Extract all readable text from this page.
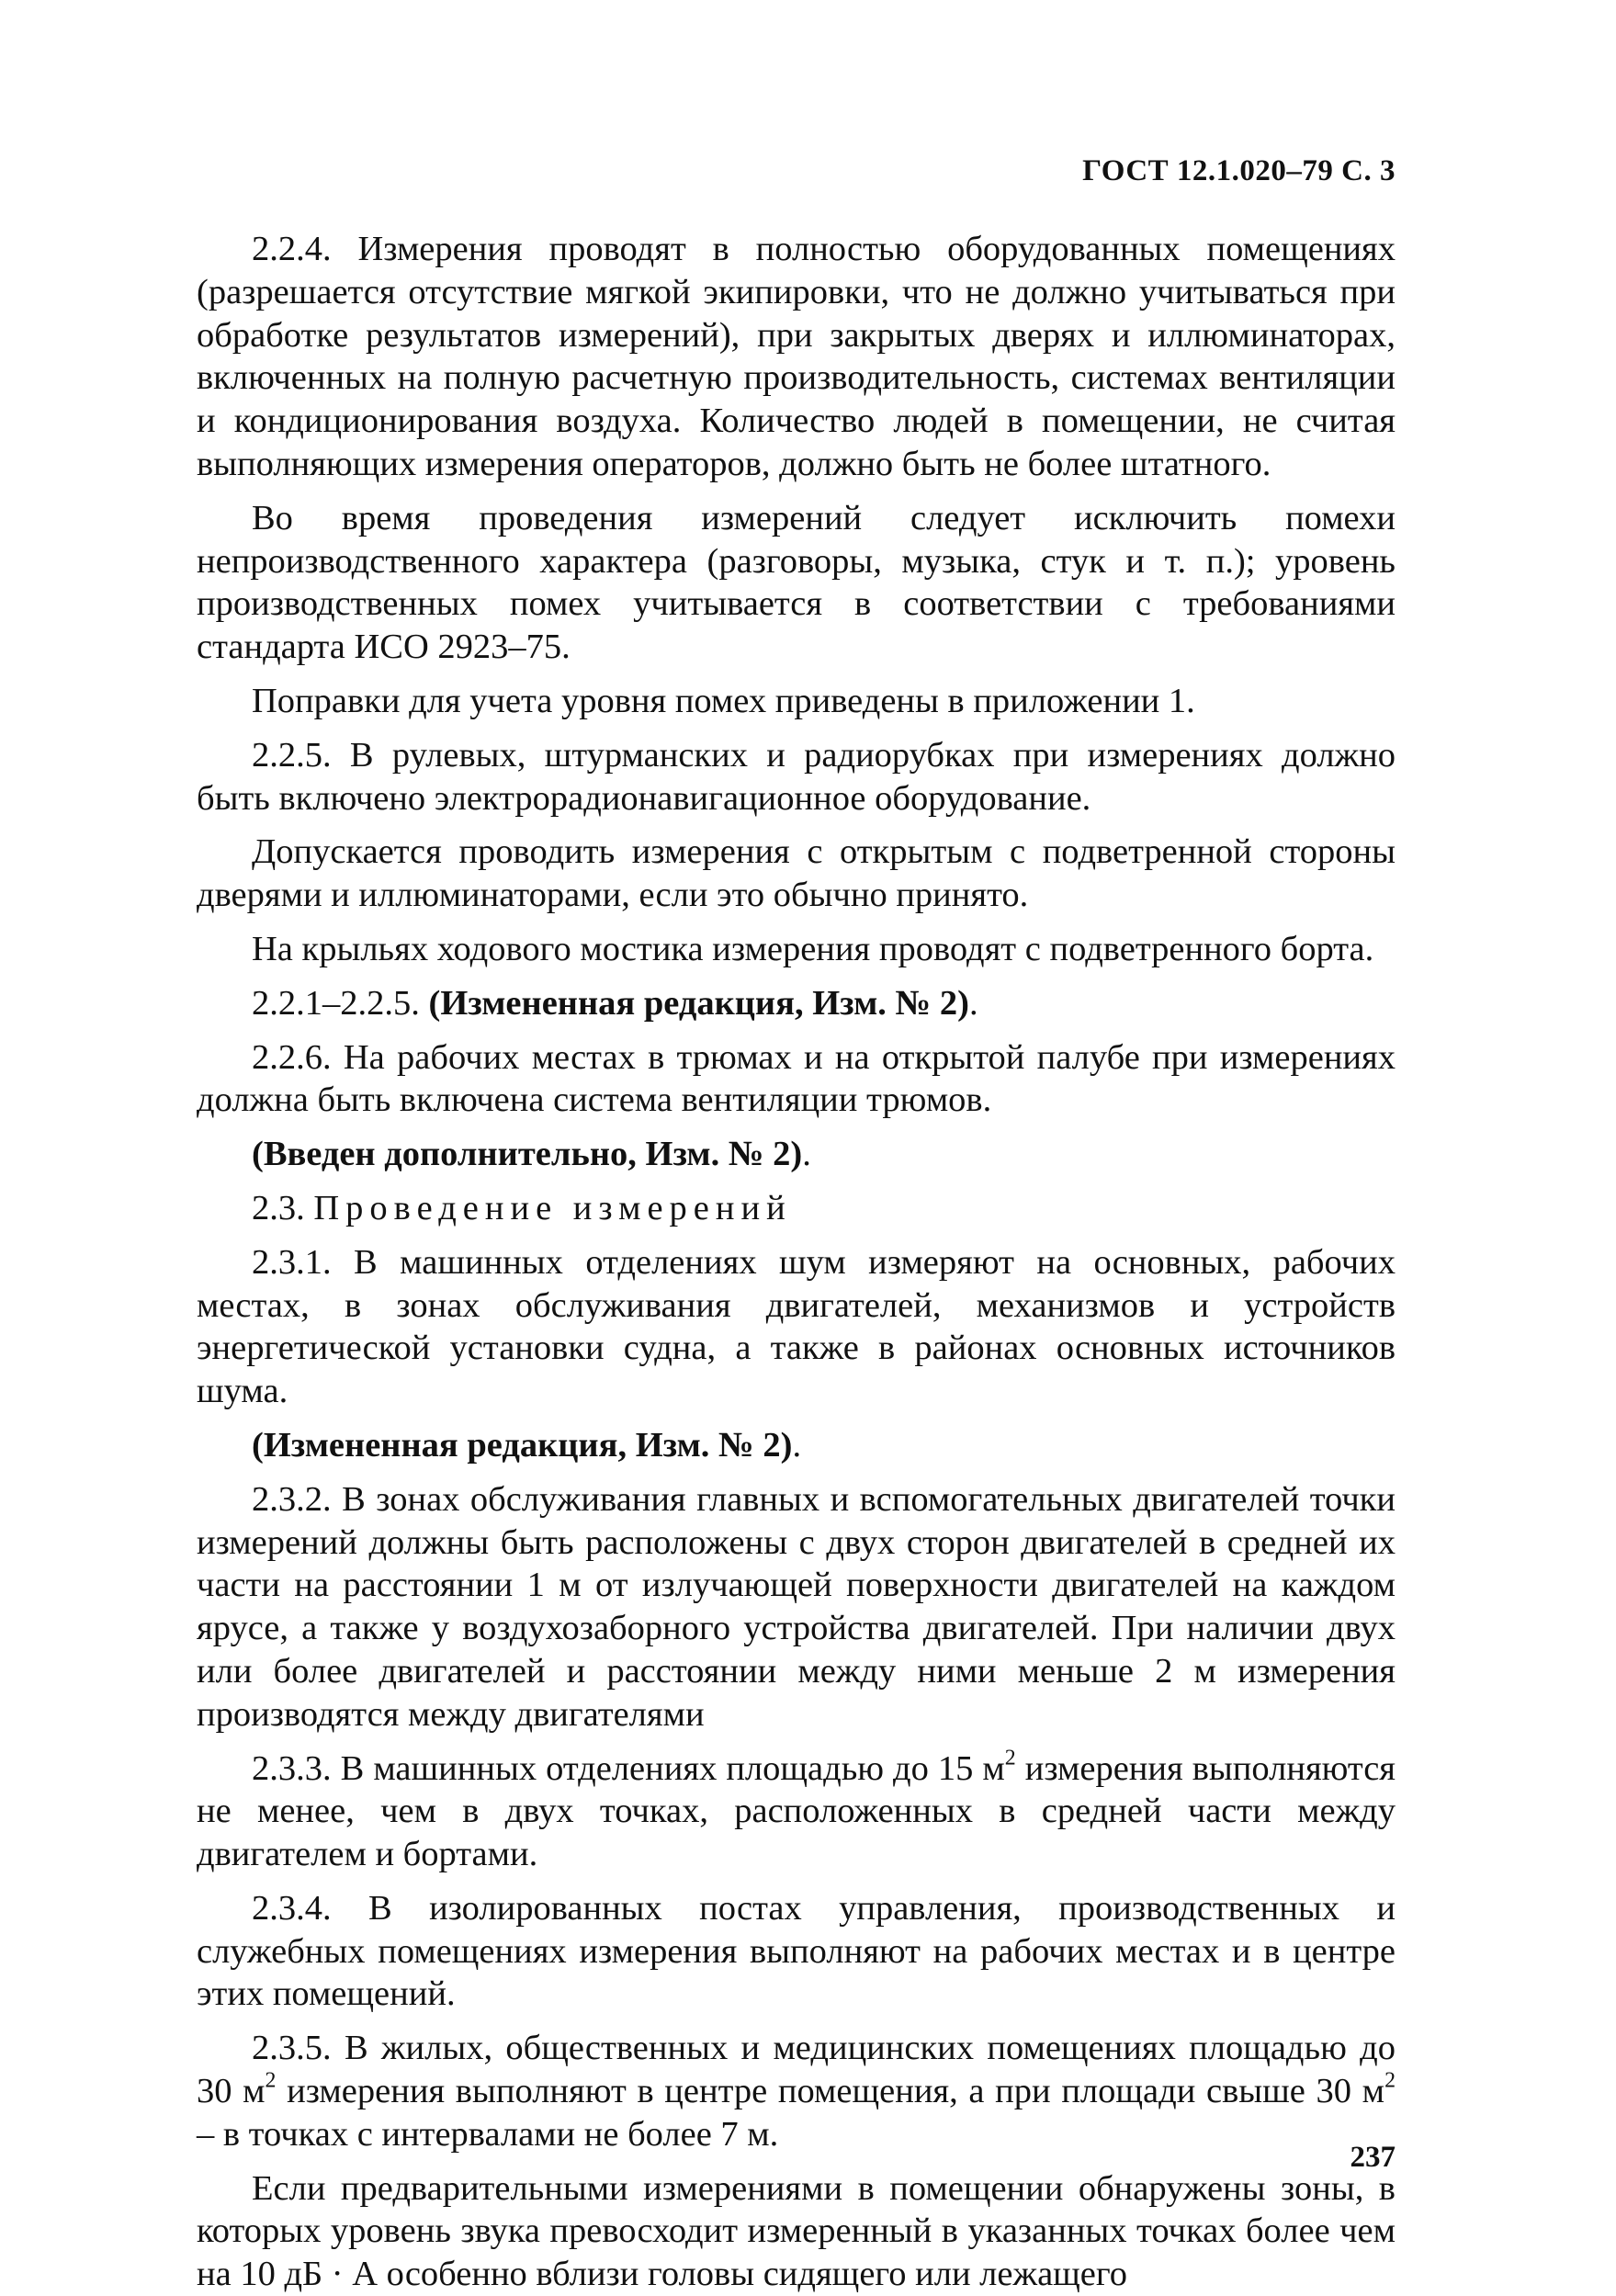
ГОСТ 12.1.020–79 С. 3

2.2.4. Измерения проводят в полностью оборудованных помещениях (разрешается отсутствие мягкой экипировки, что не должно учитываться при обработке результатов измерений), при закрытых дверях и иллюминаторах, включенных на полную расчетную производительность, системах вентиляции и кондиционирования воздуха. Количество людей в помещении, не считая выполняющих измерения операторов, должно быть не более штатного.

Во время проведения измерений следует исключить помехи непроизводственного характера (разговоры, музыка, стук и т. п.); уровень производственных помех учитывается в соответствии с требованиями стандарта ИСО 2923–75.

Поправки для учета уровня помех приведены в приложении 1.

2.2.5. В рулевых, штурманских и радиорубках при измерениях должно быть включено электрорадионавигационное оборудование.

Допускается проводить измерения с открытым с подветренной стороны дверями и иллюминаторами, если это обычно принято.

На крыльях ходового мостика измерения проводят с подветренного борта.

2.2.1–2.2.5. (Измененная редакция, Изм. № 2).

2.2.6. На рабочих местах в трюмах и на открытой палубе при измерениях должна быть включена система вентиляции трюмов.

(Введен дополнительно, Изм. № 2).

2.3. Проведение измерений

2.3.1. В машинных отделениях шум измеряют на основных, рабочих местах, в зонах обслуживания двигателей, механизмов и устройств энергетической установки судна, а также в районах основных источников шума.

(Измененная редакция, Изм. № 2).

2.3.2. В зонах обслуживания главных и вспомогательных двигателей точки измерений должны быть расположены с двух сторон двигателей в средней их части на расстоянии 1 м от излучающей поверхности двигателей на каждом ярусе, а также у воздухозаборного устройства двигателей. При наличии двух или более двигателей и расстоянии между ними меньше 2 м измерения производятся между двигателями

2.3.3. В машинных отделениях площадью до 15 $м^2$ измерения выполняются не менее, чем в двух точках, расположенных в средней части между двигателем и бортами.

2.3.4. В изолированных постах управления, производственных и служебных помещениях измерения выполняют на рабочих местах и в центре этих помещений.

2.3.5. В жилых, общественных и медицинских помещениях площадью до 30 $м^2$ измерения выполняют в центре помещения, а при площади свыше 30 $м^2$ – в точках с интервалами не более 7 м.

Если предварительными измерениями в помещении обнаружены зоны, в которых уровень звука превосходит измеренный в указанных точках более чем на 10 дБ · А особенно вблизи головы сидящего или лежащего

237
